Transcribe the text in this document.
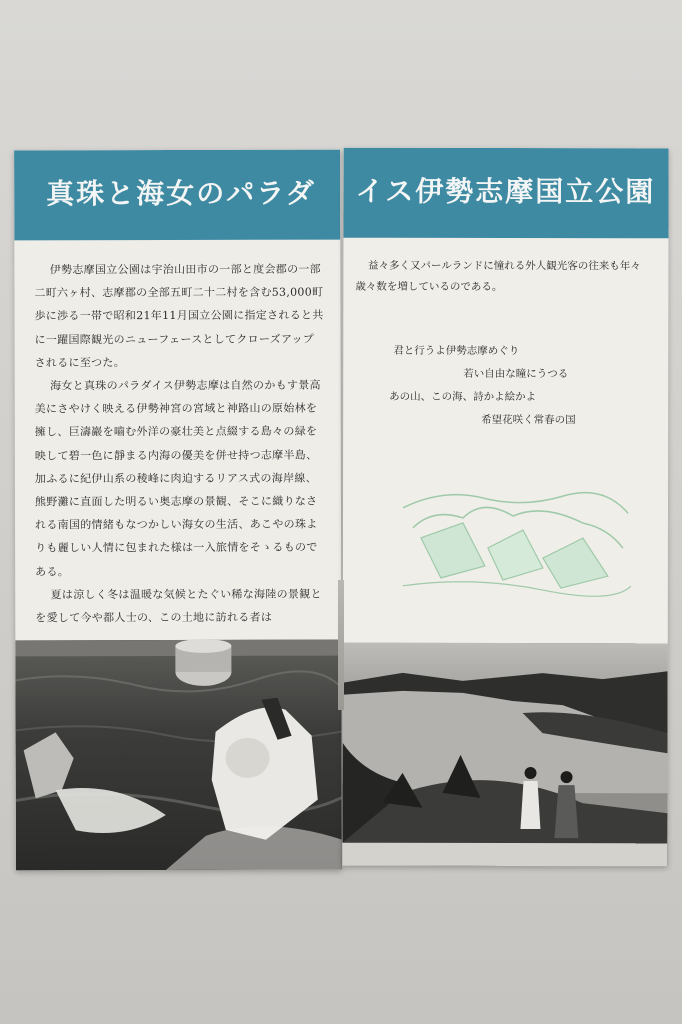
真珠と海女のパラダ

伊勢志摩国立公園は宇治山田市の一部と度会郡の一部二町六ヶ村、志摩郡の全部五町二十二村を含む53,000町歩に渉る一帯で昭和21年11月国立公園に指定されると共に一躍国際観光のニューフェースとしてクローズアップされるに至つた。

海女と真珠のパラダイス伊勢志摩は自然のかもす景高美にさやけく映える伊勢神宮の宮域と神路山の原始林を擁し、巨濤巖を嚙む外洋の豪壮美と点綴する島々の緑を映して碧一色に靜まる内海の優美を併せ持つ志摩半島、加ふるに紀伊山系の稜峰に肉迫するリアス式の海岸線、熊野灘に直面した明るい奥志摩の景観、そこに織りなされる南国的情緒もなつかしい海女の生活、あこやの珠よりも麗しい人情に包まれた様は一入旅情をそゝるものである。

夏は涼しく冬は温暖な気候とたぐい稀な海陸の景観とを愛して今や都人士の、この土地に訪れる者は

イス伊勢志摩国立公園

益々多く又パールランドに憧れる外人観光客の往来も年々歳々数を増しているのである。

君と行うよ伊勢志摩めぐり
若い自由な瞳にうつる
あの山、この海、詩かよ絵かよ
希望花咲く常春の国
